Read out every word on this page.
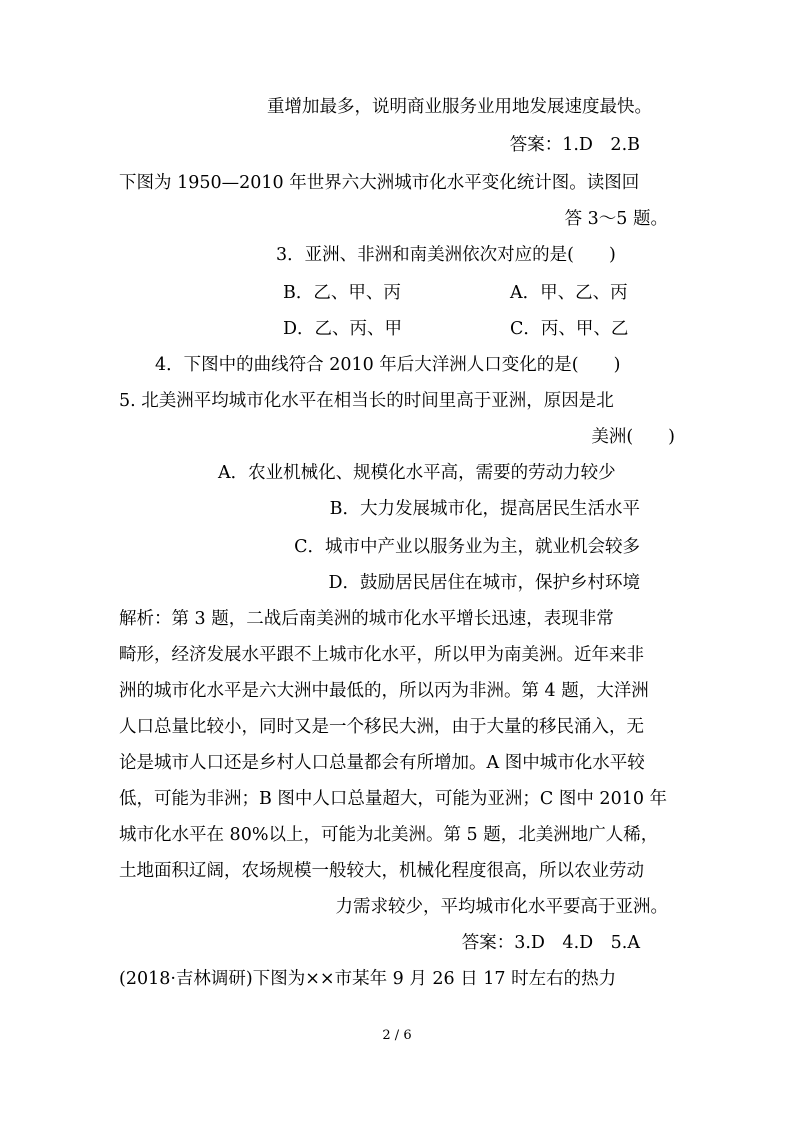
重增加最多，说明商业服务业用地发展速度最快。
答案：1.D　2.B
下图为 1950—2010 年世界六大洲城市化水平变化统计图。读图回
答 3～5 题。
3．亚洲、非洲和南美洲依次对应的是(　　)
B．乙、甲、丙	A．甲、乙、丙
D．乙、丙、甲	C．丙、甲、乙
4．下图中的曲线符合 2010 年后大洋洲人口变化的是(　　)
5. 北美洲平均城市化水平在相当长的时间里高于亚洲，原因是北
美洲(　　)
A．农业机械化、规模化水平高，需要的劳动力较少
B．大力发展城市化，提高居民生活水平
C．城市中产业以服务业为主，就业机会较多
D．鼓励居民居住在城市，保护乡村环境
解析：第 3 题，二战后南美洲的城市化水平增长迅速，表现非常
畸形，经济发展水平跟不上城市化水平，所以甲为南美洲。近年来非
洲的城市化水平是六大洲中最低的，所以丙为非洲。第 4 题，大洋洲
人口总量比较小，同时又是一个移民大洲，由于大量的移民涌入，无
论是城市人口还是乡村人口总量都会有所增加。A 图中城市化水平较
低，可能为非洲；B 图中人口总量超大，可能为亚洲；C 图中 2010 年
城市化水平在 80%以上，可能为北美洲。第 5 题，北美洲地广人稀，
土地面积辽阔，农场规模一般较大，机械化程度很高，所以农业劳动
力需求较少，平均城市化水平要高于亚洲。
答案：3.D　4.D　5.A
(2018·吉林调研)下图为××市某年 9 月 26 日 17 时左右的热力
2 / 6
